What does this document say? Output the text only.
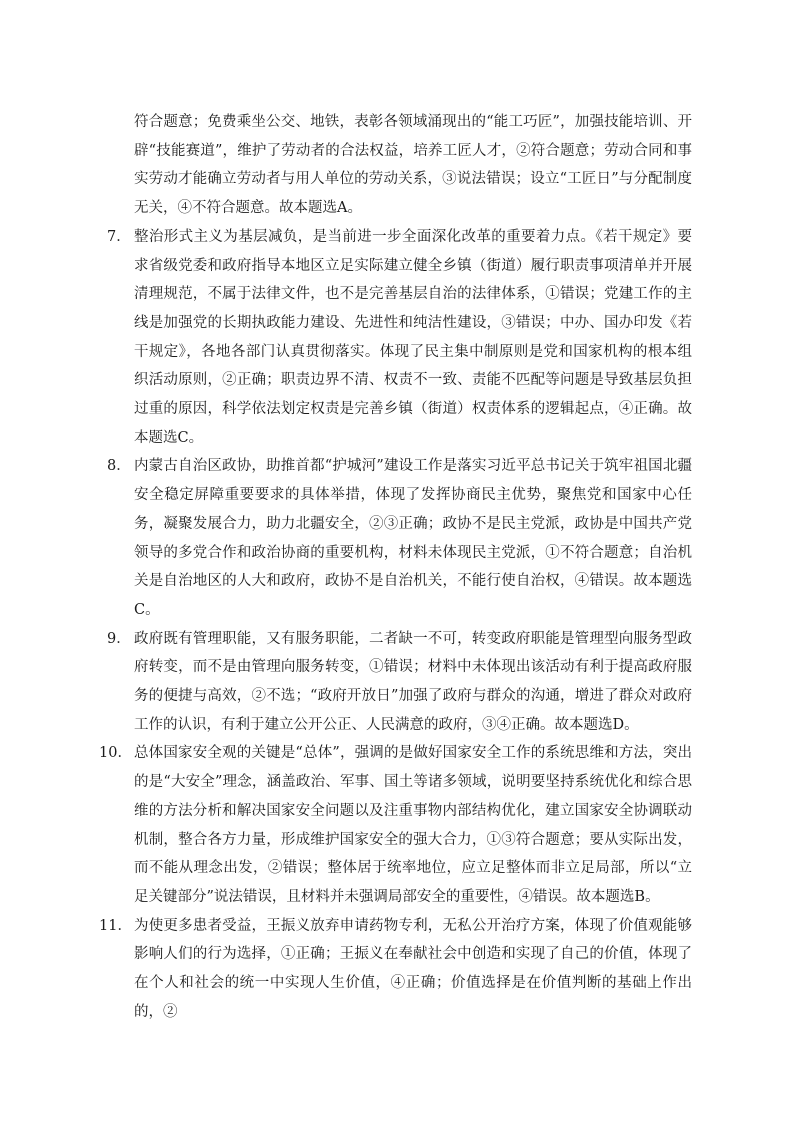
符合题意；免费乘坐公交、地铁，表彰各领域涌现出的“能工巧匠”，加强技能培训、开辟“技能赛道”，维护了劳动者的合法权益，培养工匠人才，②符合题意；劳动合同和事实劳动才能确立劳动者与用人单位的劳动关系，③说法错误；设立“工匠日”与分配制度无关，④不符合题意。故本题选A。

7． 整治形式主义为基层减负，是当前进一步全面深化改革的重要着力点。《若干规定》要求省级党委和政府指导本地区立足实际建立健全乡镇（街道）履行职责事项清单并开展清理规范，不属于法律文件，也不是完善基层自治的法律体系，①错误；党建工作的主线是加强党的长期执政能力建设、先进性和纯洁性建设，③错误；中办、国办印发《若干规定》，各地各部门认真贯彻落实。体现了民主集中制原则是党和国家机构的根本组织活动原则，②正确；职责边界不清、权责不一致、责能不匹配等问题是导致基层负担过重的原因，科学依法划定权责是完善乡镇（街道）权责体系的逻辑起点，④正确。故本题选C。

8． 内蒙古自治区政协，助推首都“护城河”建设工作是落实习近平总书记关于筑牢祖国北疆安全稳定屏障重要要求的具体举措，体现了发挥协商民主优势，聚焦党和国家中心任务，凝聚发展合力，助力北疆安全，②③正确；政协不是民主党派，政协是中国共产党领导的多党合作和政治协商的重要机构，材料未体现民主党派，①不符合题意；自治机关是自治地区的人大和政府，政协不是自治机关，不能行使自治权，④错误。故本题选C。

9． 政府既有管理职能，又有服务职能，二者缺一不可，转变政府职能是管理型向服务型政府转变，而不是由管理向服务转变，①错误；材料中未体现出该活动有利于提高政府服务的便捷与高效，②不选；“政府开放日”加强了政府与群众的沟通，增进了群众对政府工作的认识，有利于建立公开公正、人民满意的政府，③④正确。故本题选D。

10． 总体国家安全观的关键是“总体”，强调的是做好国家安全工作的系统思维和方法，突出的是“大安全”理念，涵盖政治、军事、国土等诸多领域，说明要坚持系统优化和综合思维的方法分析和解决国家安全问题以及注重事物内部结构优化，建立国家安全协调联动机制，整合各方力量，形成维护国家安全的强大合力，①③符合题意；要从实际出发，而不能从理念出发，②错误；整体居于统率地位，应立足整体而非立足局部，所以“立足关键部分”说法错误，且材料并未强调局部安全的重要性，④错误。故本题选B。

11． 为使更多患者受益，王振义放弃申请药物专利，无私公开治疗方案，体现了价值观能够影响人们的行为选择，①正确；王振义在奉献社会中创造和实现了自己的价值，体现了在个人和社会的统一中实现人生价值，④正确；价值选择是在价值判断的基础上作出的，②
